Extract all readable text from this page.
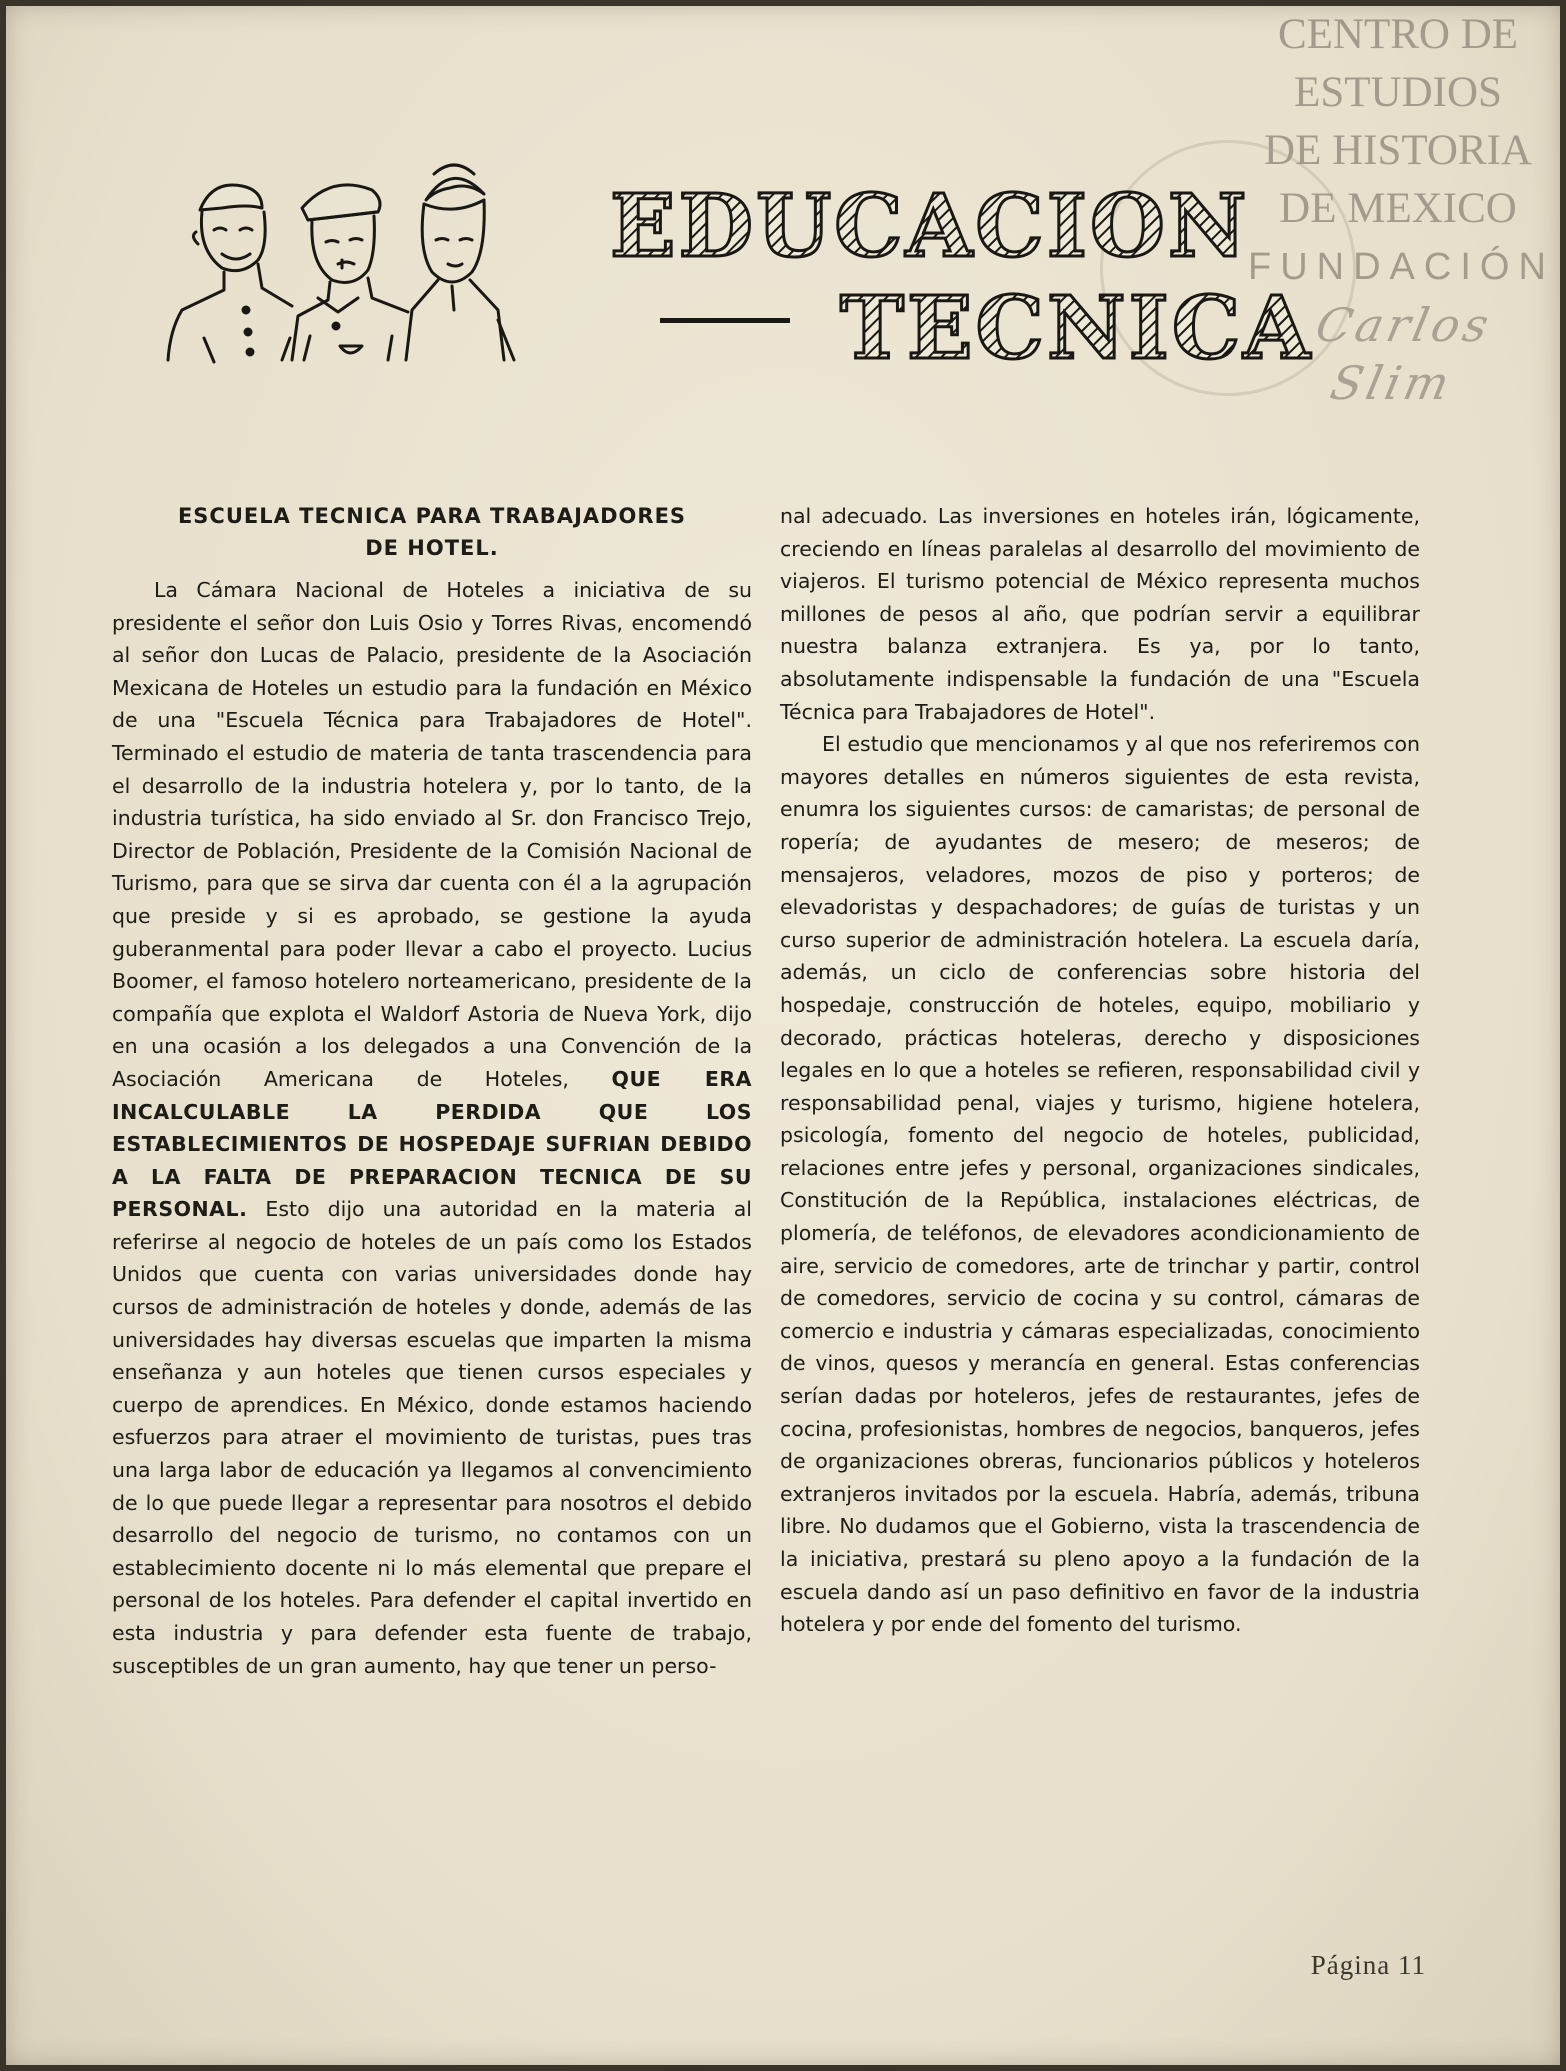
CENTRO DE
ESTUDIOS
DE HISTORIA
DE MEXICO
FUNDACIÓN
Carlos Slim
EDUCACION
TECNICA
ESCUELA TECNICA PARA TRABAJADORES
DE HOTEL.

La Cámara Nacional de Hoteles a iniciativa de su presidente el señor don Luis Osio y Torres Rivas, encomendó al señor don Lucas de Palacio, presidente de la Asociación Mexicana de Hoteles un estudio para la fundación en México de una "Escuela Técnica para Trabajadores de Hotel". Terminado el estudio de materia de tanta trascendencia para el desarrollo de la industria hotelera y, por lo tanto, de la industria turística, ha sido enviado al Sr. don Francisco Trejo, Director de Población, Presidente de la Comisión Nacional de Turismo, para que se sirva dar cuenta con él a la agrupación que preside y si es aprobado, se gestione la ayuda guberanmental para poder llevar a cabo el proyecto. Lucius Boomer, el famoso hotelero norteamericano, presidente de la compañía que explota el Waldorf Astoria de Nueva York, dijo en una ocasión a los delegados a una Convención de la Asociación Americana de Hoteles, QUE ERA INCALCULABLE LA PERDIDA QUE LOS ESTABLECIMIENTOS DE HOSPEDAJE SUFRIAN DEBIDO A LA FALTA DE PREPARACION TECNICA DE SU PERSONAL. Esto dijo una autoridad en la materia al referirse al negocio de hoteles de un país como los Estados Unidos que cuenta con varias universidades donde hay cursos de administración de hoteles y donde, además de las universidades hay diversas escuelas que imparten la misma enseñanza y aun hoteles que tienen cursos especiales y cuerpo de aprendices. En México, donde estamos haciendo esfuerzos para atraer el movimiento de turistas, pues tras una larga labor de educación ya llegamos al convencimiento de lo que puede llegar a representar para nosotros el debido desarrollo del negocio de turismo, no contamos con un establecimiento docente ni lo más elemental que prepare el personal de los hoteles. Para defender el capital invertido en esta industria y para defender esta fuente de trabajo, susceptibles de un gran aumento, hay que tener un perso-

nal adecuado. Las inversiones en hoteles irán, lógicamente, creciendo en líneas paralelas al desarrollo del movimiento de viajeros. El turismo potencial de México representa muchos millones de pesos al año, que podrían servir a equilibrar nuestra balanza extranjera. Es ya, por lo tanto, absolutamente indispensable la fundación de una "Escuela Técnica para Trabajadores de Hotel".

El estudio que mencionamos y al que nos referiremos con mayores detalles en números siguientes de esta revista, enumra los siguientes cursos: de camaristas; de personal de ropería; de ayudantes de mesero; de meseros; de mensajeros, veladores, mozos de piso y porteros; de elevadoristas y despachadores; de guías de turistas y un curso superior de administración hotelera. La escuela daría, además, un ciclo de conferencias sobre historia del hospedaje, construcción de hoteles, equipo, mobiliario y decorado, prácticas hoteleras, derecho y disposiciones legales en lo que a hoteles se refieren, responsabilidad civil y responsabilidad penal, viajes y turismo, higiene hotelera, psicología, fomento del negocio de hoteles, publicidad, relaciones entre jefes y personal, organizaciones sindicales, Constitución de la República, instalaciones eléctricas, de plomería, de teléfonos, de elevadores acondicionamiento de aire, servicio de comedores, arte de trinchar y partir, control de comedores, servicio de cocina y su control, cámaras de comercio e industria y cámaras especializadas, conocimiento de vinos, quesos y merancía en general. Estas conferencias serían dadas por hoteleros, jefes de restaurantes, jefes de cocina, profesionistas, hombres de negocios, banqueros, jefes de organizaciones obreras, funcionarios públicos y hoteleros extranjeros invitados por la escuela. Habría, además, tribuna libre. No dudamos que el Gobierno, vista la trascendencia de la iniciativa, prestará su pleno apoyo a la fundación de la escuela dando así un paso definitivo en favor de la industria hotelera y por ende del fomento del turismo.

Página 11
